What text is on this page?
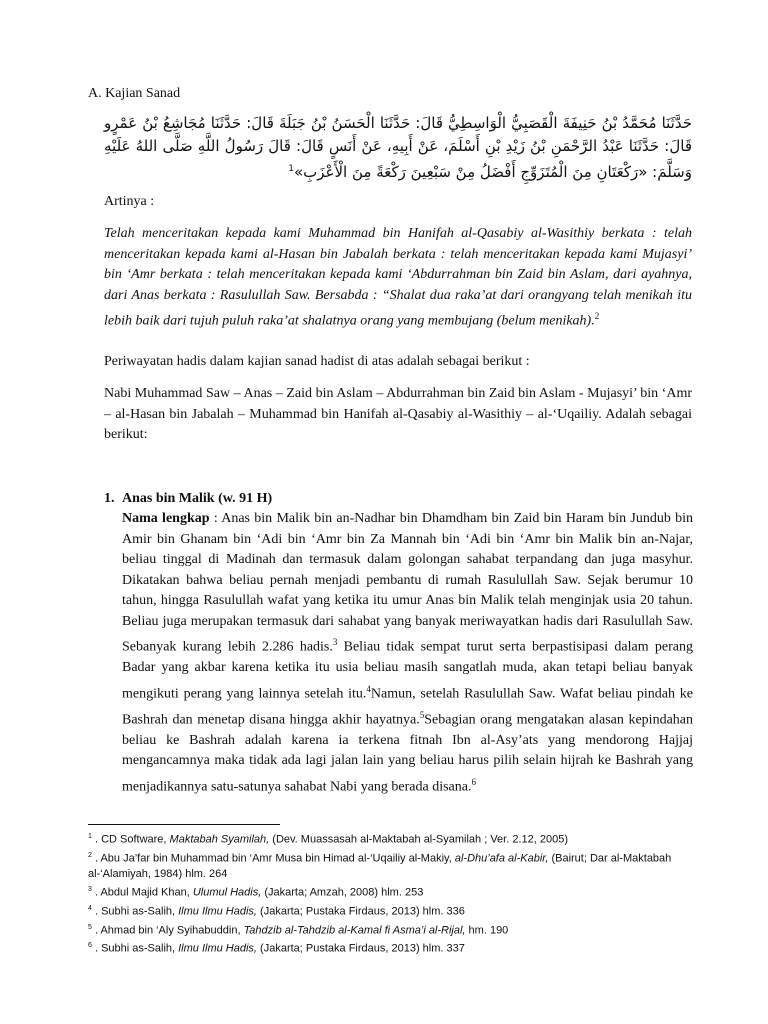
A. Kajian Sanad
حَدَّثَنَا مُحَمَّدُ بْنُ حَنِيفَةَ الْقَصَبِيُّ الْوَاسِطِيُّ قَالَ: حَدَّثَنَا الْحَسَنُ بْنُ جَبَلَةَ قَالَ: حَدَّثَنَا مُجَاشِعُ بْنُ عَمْرٍو قَالَ: حَدَّثَنَا عَبْدُ الرَّحْمَنِ بْنُ زَيْدِ بْنِ أَسْلَمَ، عَنْ أَبِيهِ، عَنْ أَنَسٍ قَالَ: قَالَ رَسُولُ اللَّهِ صَلَّى اللهُ عَلَيْهِ وَسَلَّمَ: «رَكْعَتَانِ مِنَ الْمُتَزَوِّجِ أَفْضَلُ مِنْ سَبْعِينَ رَكْعَةً مِنَ الْأَعْزَبِ»$^1$
Artinya :
Telah menceritakan kepada kami Muhammad bin Hanifah al-Qasabiy al-Wasithiy berkata : telah menceritakan kepada kami al-Hasan bin Jabalah berkata : telah menceritakan kepada kami Mujasyi’ bin ‘Amr berkata : telah menceritakan kepada kami ‘Abdurrahman bin Zaid bin Aslam, dari ayahnya, dari Anas berkata : Rasulullah Saw. Bersabda : “Shalat dua raka’at dari orangyang telah menikah itu lebih baik dari tujuh puluh raka’at shalatnya orang yang membujang (belum menikah).$^2$
Periwayatan hadis dalam kajian sanad hadist di atas adalah sebagai berikut :
Nabi Muhammad Saw – Anas – Zaid bin Aslam – Abdurrahman bin Zaid bin Aslam - Mujasyi’ bin ‘Amr – al-Hasan bin Jabalah – Muhammad bin Hanifah al-Qasabiy al-Wasithiy – al-‘Uqailiy. Adalah sebagai berikut:
1. Anas bin Malik (w. 91 H)
Nama lengkap : Anas bin Malik bin an-Nadhar bin Dhamdham bin Zaid bin Haram bin Jundub bin Amir bin Ghanam bin ‘Adi bin ‘Amr bin Za Mannah bin ‘Adi bin ‘Amr bin Malik bin an-Najar, beliau tinggal di Madinah dan termasuk dalam golongan sahabat terpandang dan juga masyhur. Dikatakan bahwa beliau pernah menjadi pembantu di rumah Rasulullah Saw. Sejak berumur 10 tahun, hingga Rasulullah wafat yang ketika itu umur Anas bin Malik telah menginjak usia 20 tahun. Beliau juga merupakan termasuk dari sahabat yang banyak meriwayatkan hadis dari Rasulullah Saw. Sebanyak kurang lebih 2.286 hadis.$^3$ Beliau tidak sempat turut serta berpastisipasi dalam perang Badar yang akbar karena ketika itu usia beliau masih sangatlah muda, akan tetapi beliau banyak mengikuti perang yang lainnya setelah itu.$^4$Namun, setelah Rasulullah Saw. Wafat beliau pindah ke Bashrah dan menetap disana hingga akhir hayatnya.$^5$Sebagian orang mengatakan alasan kepindahan beliau ke Bashrah adalah karena ia terkena fitnah Ibn al-Asy’ats yang mendorong Hajjaj mengancamnya maka tidak ada lagi jalan lain yang beliau harus pilih selain hijrah ke Bashrah yang menjadikannya satu-satunya sahabat Nabi yang berada disana.$^6$
$^1$ . CD Software, Maktabah Syamilah, (Dev. Muassasah al-Maktabah al-Syamilah ; Ver. 2.12, 2005)
$^2$ . Abu Ja’far bin Muhammad bin ‘Amr Musa bin Himad al-‘Uqailiy al-Makiy, al-Dhu’afa al-Kabir, (Bairut; Dar al-Maktabah al-‘Alamiyah, 1984) hlm. 264
$^3$ . Abdul Majid Khan, Ulumul Hadis, (Jakarta; Amzah, 2008) hlm. 253
$^4$ . Subhi as-Salih, Ilmu Ilmu Hadis, (Jakarta; Pustaka Firdaus, 2013) hlm. 336
$^5$ . Ahmad bin ‘Aly Syihabuddin, Tahdzib al-Tahdzib al-Kamal fi Asma’i al-Rijal, hm. 190
$^6$ . Subhi as-Salih, Ilmu Ilmu Hadis, (Jakarta; Pustaka Firdaus, 2013) hlm. 337
